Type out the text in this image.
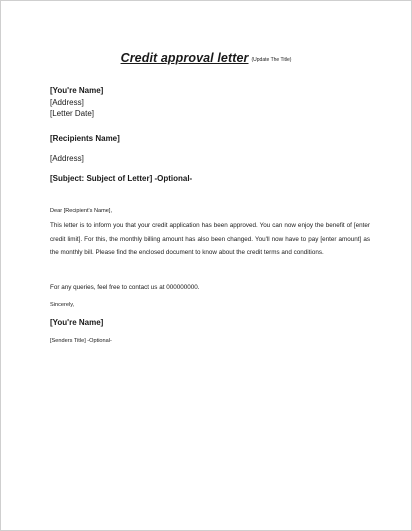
Credit approval letter (Update The Title)
[You're Name]
[Address]
[Letter Date]
[Recipients Name]
[Address]
[Subject: Subject of Letter] -Optional-
Dear [Recipient's Name],
This letter is to inform you that your credit application has been approved. You can now enjoy the benefit of [enter credit limit]. For this, the monthly billing amount has also been changed. You'll now have to pay [enter amount] as the monthly bill. Please find the enclosed document to know about the credit terms and conditions.
For any queries, feel free to contact us at 000000000.
Sincerely,
[You're Name]
[Senders Title] -Optional-
